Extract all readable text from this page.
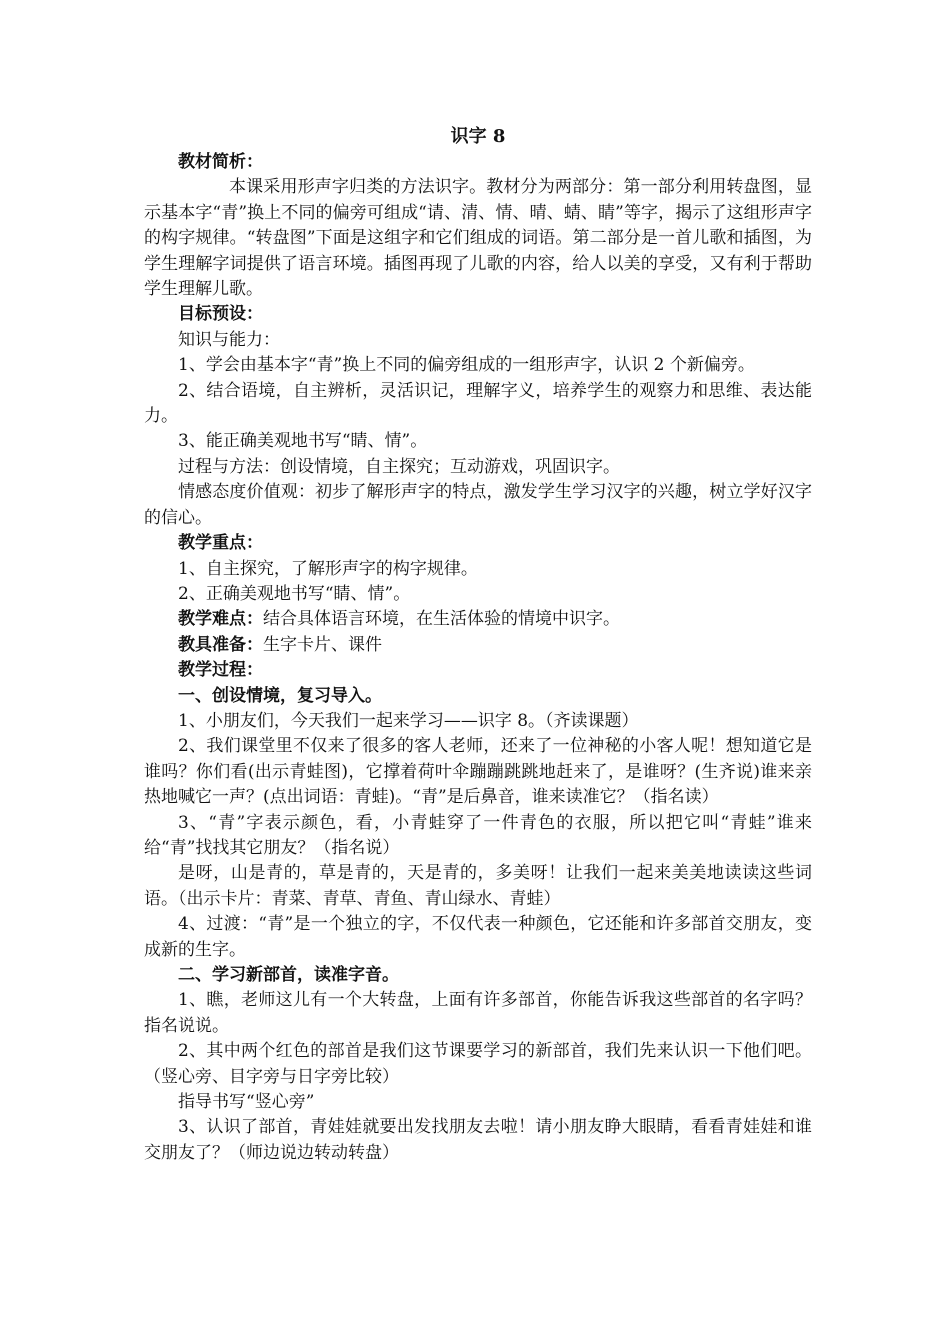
识字 8

教材简析：

本课采用形声字归类的方法识字。教材分为两部分：第一部分利用转盘图，显示基本字“青”换上不同的偏旁可组成“请、清、情、晴、蜻、睛”等字，揭示了这组形声字的构字规律。“转盘图”下面是这组字和它们组成的词语。第二部分是一首儿歌和插图，为学生理解字词提供了语言环境。插图再现了儿歌的内容，给人以美的享受，又有利于帮助学生理解儿歌。

目标预设：

知识与能力：

1、学会由基本字“青”换上不同的偏旁组成的一组形声字，认识 2 个新偏旁。

2、结合语境，自主辨析，灵活识记，理解字义，培养学生的观察力和思维、表达能力。

3、能正确美观地书写“睛、情”。

过程与方法：创设情境，自主探究；互动游戏，巩固识字。

情感态度价值观：初步了解形声字的特点，激发学生学习汉字的兴趣，树立学好汉字的信心。

教学重点：

1、自主探究，了解形声字的构字规律。

2、正确美观地书写“睛、情”。

教学难点：结合具体语言环境，在生活体验的情境中识字。

教具准备：生字卡片、课件

教学过程：

一、创设情境，复习导入。

1、小朋友们，今天我们一起来学习——识字 8。（齐读课题）

2、我们课堂里不仅来了很多的客人老师，还来了一位神秘的小客人呢！想知道它是谁吗？你们看(出示青蛙图)，它撑着荷叶伞蹦蹦跳跳地赶来了，是谁呀？(生齐说)谁来亲热地喊它一声？(点出词语：青蛙)。“青”是后鼻音，谁来读准它？（指名读）

3、“青”字表示颜色，看，小青蛙穿了一件青色的衣服，所以把它叫“青蛙”谁来给“青”找找其它朋友？（指名说）

是呀，山是青的，草是青的，天是青的，多美呀！让我们一起来美美地读读这些词语。（出示卡片：青菜、青草、青鱼、青山绿水、青蛙）

4、过渡：“青”是一个独立的字，不仅代表一种颜色，它还能和许多部首交朋友，变成新的生字。

二、学习新部首，读准字音。

1、瞧，老师这儿有一个大转盘，上面有许多部首，你能告诉我这些部首的名字吗？指名说说。

2、其中两个红色的部首是我们这节课要学习的新部首，我们先来认识一下他们吧。（竖心旁、目字旁与日字旁比较）

指导书写“竖心旁”

3、认识了部首，青娃娃就要出发找朋友去啦！请小朋友睁大眼睛，看看青娃娃和谁交朋友了？（师边说边转动转盘）
